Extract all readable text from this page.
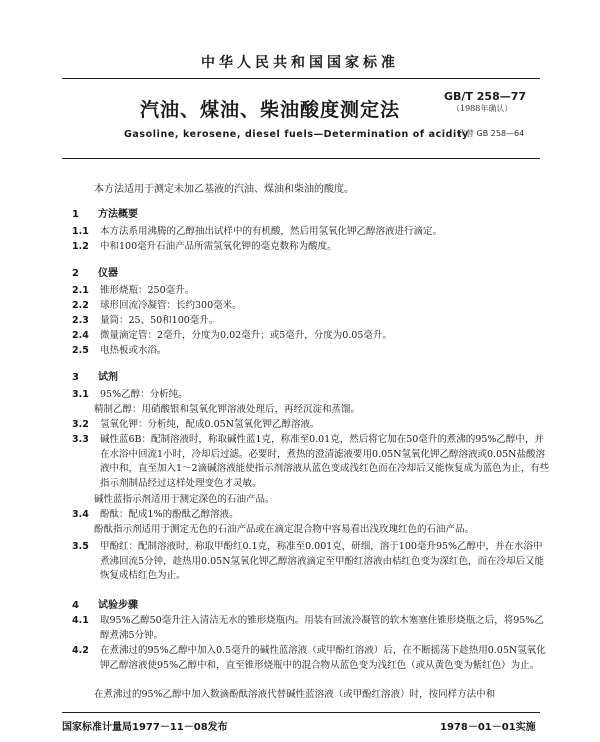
中华人民共和国国家标准
汽油、煤油、柴油酸度测定法
GB/T 258—77
（1988年确认）
Gasoline, kerosene, diesel fuels—Determination of acidity
代替 GB 258—64
本方法适用于测定未加乙基液的汽油、煤油和柴油的酸度。
1 方法概要
1.1 本方法系用沸腾的乙醇抽出试样中的有机酸，然后用氢氧化钾乙醇溶液进行滴定。
1.2 中和100毫升石油产品所需氢氧化钾的毫克数称为酸度。
2 仪器
2.1 锥形烧瓶：250毫升。
2.2 球形回流冷凝管：长约300毫米。
2.3 量筒：25、50和100毫升。
2.4 微量滴定管：2毫升，分度为0.02毫升；或5毫升，分度为0.05毫升。
2.5 电热板或水浴。
3 试剂
3.1 95%乙醇：分析纯。
精制乙醇：用硝酸银和氢氧化钾溶液处理后，再经沉淀和蒸馏。
3.2 氢氧化钾：分析纯，配成0.05N氢氧化钾乙醇溶液。
3.3 碱性蓝6B：配制溶液时，称取碱性蓝1克，称准至0.01克，然后将它加在50毫升的煮沸的95%乙醇中，并在水浴中回流1小时，冷却后过滤。必要时，煮热的澄清滤液要用0.05N氢氧化钾乙醇溶液或0.05N盐酸溶液中和，直至加入1～2滴碱溶液能使指示剂溶液从蓝色变成浅红色而在冷却后又能恢复成为蓝色为止，有些指示剂制品经过这样处理变色才灵敏。
碱性蓝指示剂适用于测定深色的石油产品。
3.4 酚酞：配成1%的酚酞乙醇溶液。
酚酞指示剂适用于测定无色的石油产品或在滴定混合物中容易看出浅玫瑰红色的石油产品。
3.5 甲酚红：配制溶液时，称取甲酚红0.1克，称准至0.001克，研细，溶于100毫升95%乙醇中，并在水浴中煮沸回流5分钟，趁热用0.05N氢氧化钾乙醇溶液滴定至甲酚红溶液由桔红色变为深红色，而在冷却后又能恢复成桔红色为止。
4 试验步骤
4.1 取95%乙醇50毫升注入清洁无水的锥形烧瓶内。用装有回流冷凝管的软木塞塞住锥形烧瓶之后，将95%乙醇煮沸5分钟。
4.2 在煮沸过的95%乙醇中加入0.5毫升的碱性蓝溶液（或甲酚红溶液）后，在不断摇荡下趁热用0.05N氢氧化钾乙醇溶液使95%乙醇中和，直至锥形烧瓶中的混合物从蓝色变为浅红色（或从黄色变为紫红色）为止。
在煮沸过的95%乙醇中加入数滴酚酞溶液代替碱性蓝溶液（或甲酚红溶液）时，按同样方法中和
国家标准计量局1977－11－08发布	1978－01－01实施
